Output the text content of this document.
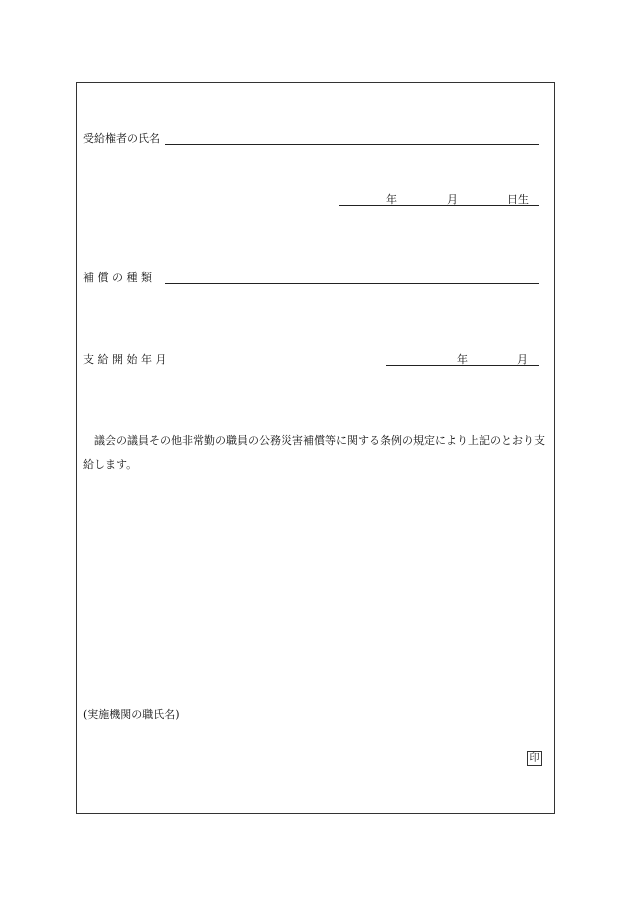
受給権者の氏名
年	月	日生
補 償 の 種 類
支給開始年月	年	月
議会の議員その他非常勤の職員の公務災害補償等に関する条例の規定により上記のとおり支給します。
(実施機関の職氏名)
印
